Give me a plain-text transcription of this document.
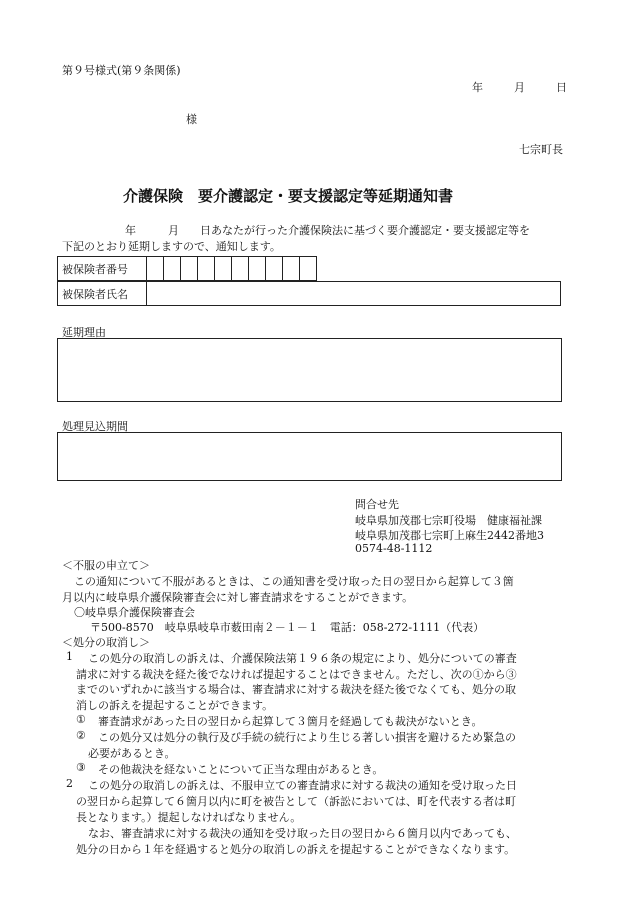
第９号様式(第９条関係)
年	月	日
様
七宗町長
介護保険　要介護認定・要支援認定等延期通知書
年	月 日あなたが行った介護保険法に基づく要介護認定・要支援認定等を
下記のとおり延期しますので、通知します。
被保険者番号										
被保険者氏名	
延期理由
処理見込期間
問合せ先
岐阜県加茂郡七宗町役場　健康福祉課
岐阜県加茂郡七宗町上麻生2442番地3
0574-48-1112
＜不服の申立て＞
この通知について不服があるときは、この通知書を受け取った日の翌日から起算して３箇
月以内に岐阜県介護保険審査会に対し審査請求をすることができます。
〇岐阜県介護保険審査会
〒500-8570　岐阜県岐阜市薮田南２－１－１　電話：058-272-1111（代表）
＜処分の取消し＞
1 この処分の取消しの訴えは、介護保険法第１９６条の規定により、処分についての審査
請求に対する裁決を経た後でなければ提起することはできません。ただし、次の①から③
までのいずれかに該当する場合は、審査請求に対する裁決を経た後でなくても、処分の取
消しの訴えを提起することができます。
① 審査請求があった日の翌日から起算して３箇月を経過しても裁決がないとき。
② この処分又は処分の執行及び手続の続行により生じる著しい損害を避けるため緊急の
必要があるとき。
③ その他裁決を経ないことについて正当な理由があるとき。
2 この処分の取消しの訴えは、不服申立ての審査請求に対する裁決の通知を受け取った日
の翌日から起算して６箇月以内に町を被告として（訴訟においては、町を代表する者は町
長となります。）提起しなければなりません。
なお、審査請求に対する裁決の通知を受け取った日の翌日から６箇月以内であっても、
処分の日から１年を経過すると処分の取消しの訴えを提起することができなくなります。
